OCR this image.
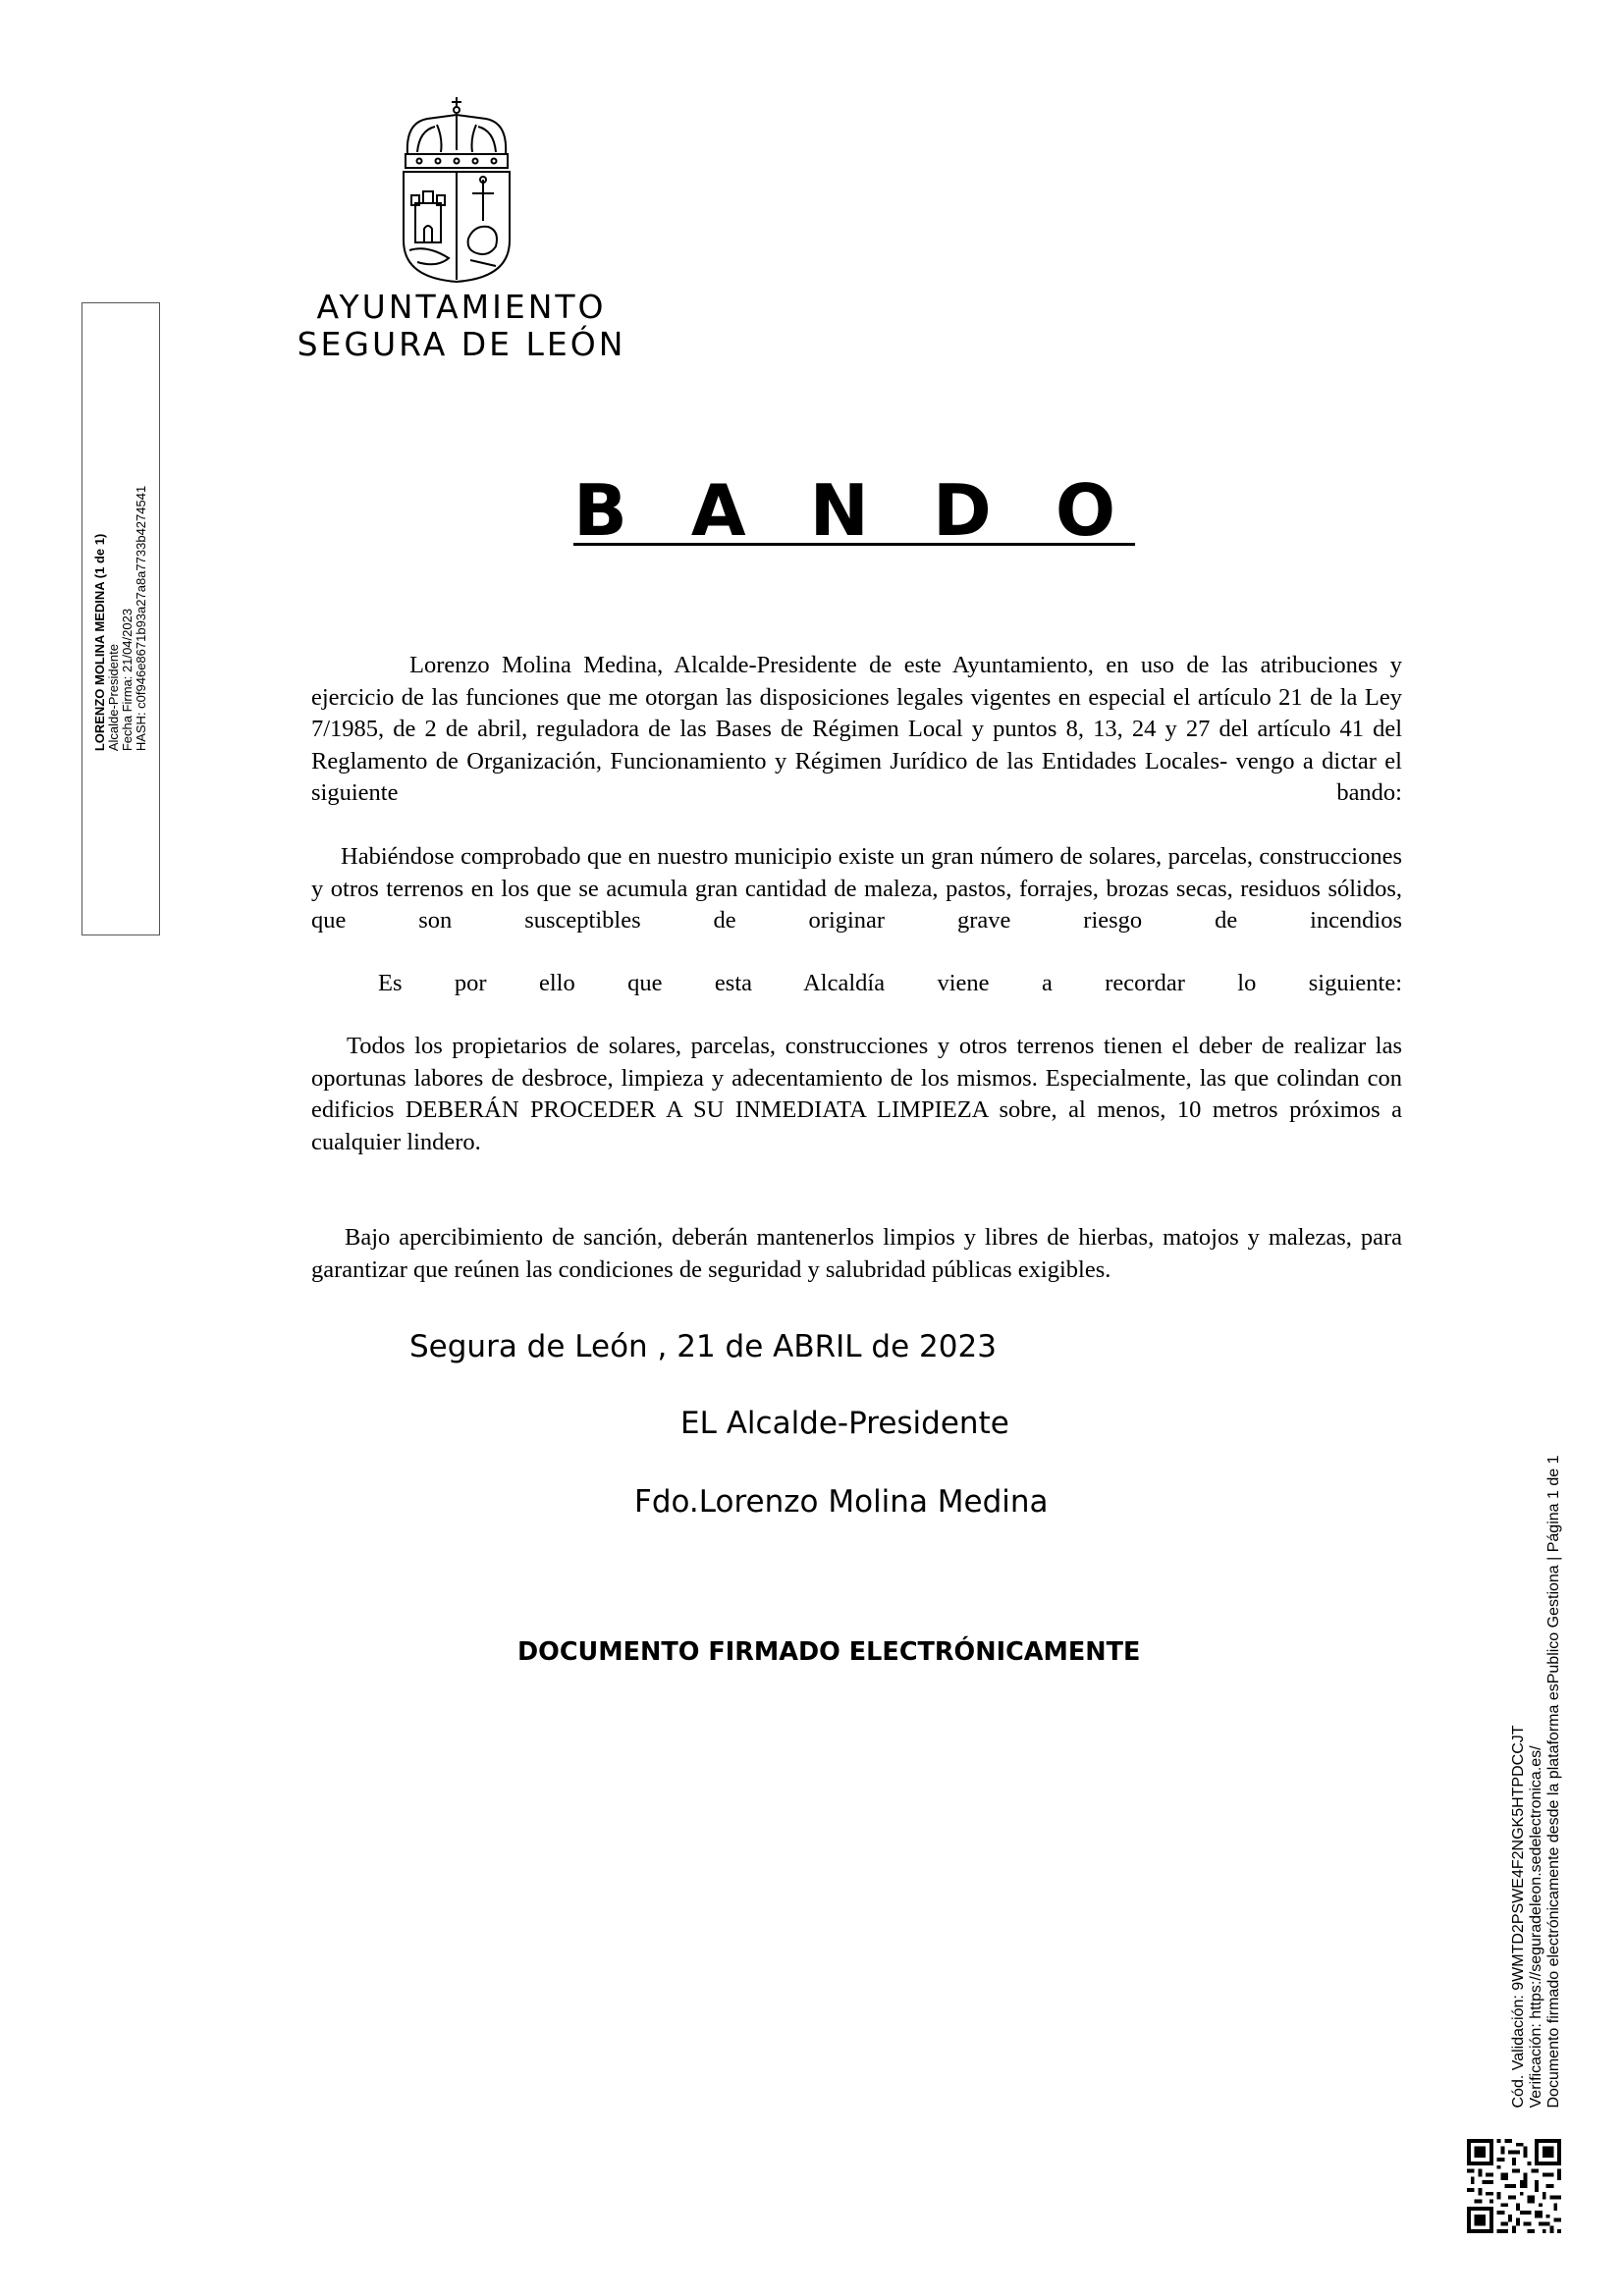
AYUNTAMIENTO
SEGURA DE LEÓN
LORENZO MOLINA MEDINA (1 de 1) Alcalde-Presidente Fecha Firma: 21/04/2023 HASH: c0f946e8671b93a27a8a7733b4274541	B A N D O

Lorenzo Molina Medina, Alcalde-Presidente de este Ayuntamiento, en uso de las atribuciones y ejercicio de las funciones que me otorgan las disposiciones legales vigentes en especial el artículo 21 de la Ley 7/1985, de 2 de abril, reguladora de las Bases de Régimen Local y puntos 8, 13, 24 y 27 del artículo 41 del Reglamento de Organización, Funcionamiento y Régimen Jurídico de las Entidades Locales- vengo a dictar el siguiente bando:

Habiéndose comprobado que en nuestro municipio existe un gran número de solares, parcelas, construcciones y otros terrenos en los que se acumula gran cantidad de maleza, pastos, forrajes, brozas secas, residuos sólidos, que son susceptibles de originar grave riesgo de incendios

Es por ello que esta Alcaldía viene a recordar lo siguiente:

Todos los propietarios de solares, parcelas, construcciones y otros terrenos tienen el deber de realizar las oportunas labores de desbroce, limpieza y adecentamiento de los mismos. Especialmente, las que colindan con edificios DEBERÁN PROCEDER A SU INMEDIATA LIMPIEZA sobre, al menos, 10 metros próximos a cualquier lindero.

Bajo apercibimiento de sanción, deberán mantenerlos limpios y libres de hierbas, matojos y malezas, para garantizar que reúnen las condiciones de seguridad y salubridad públicas exigibles.

Segura de León , 21 de ABRIL de 2023
EL Alcalde-Presidente
Fdo.Lorenzo Molina Medina
DOCUMENTO FIRMADO ELECTRÓNICAMENTE
Cód. Validación: 9WMTD2PSWE4F2NGK5HTPDCCJT Verificación: https://seguradeleon.sedelectronica.es/ Documento firmado electrónicamente desde la plataforma esPublico Gestiona | Página 1 de 1
